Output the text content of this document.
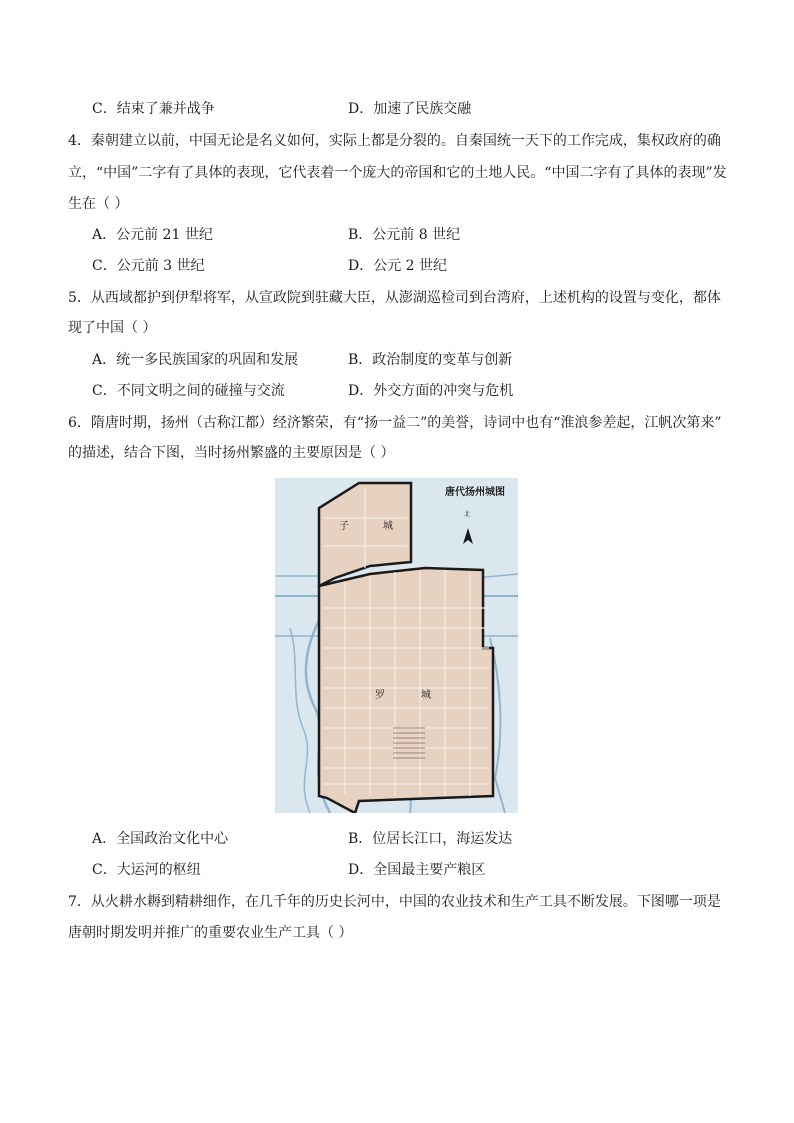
C．结束了兼并战争	D．加速了民族交融
4．秦朝建立以前，中国无论是名义如何，实际上都是分裂的。自秦国统一天下的工作完成，集权政府的确
立，“中国”二字有了具体的表现，它代表着一个庞大的帝国和它的土地人民。“中国二字有了具体的表现”发
生在（ ）
A．公元前 21 世纪	B．公元前 8 世纪
C．公元前 3 世纪	D．公元 2 世纪
5．从西域都护到伊犁将军，从宣政院到驻藏大臣，从澎湖巡检司到台湾府，上述机构的设置与变化，都体
现了中国（ ）
A．统一多民族国家的巩固和发展	B．政治制度的变革与创新
C．不同文明之间的碰撞与交流	D．外交方面的冲突与危机
6．隋唐时期，扬州（古称江都）经济繁荣，有“扬一益二”的美誉，诗词中也有“淮浪参差起，江帆次第来”
的描述，结合下图，当时扬州繁盛的主要原因是（ ）
唐代扬州城图
北
子	城
罗	城
A．全国政治文化中心	B．位居长江口，海运发达
C．大运河的枢纽	D．全国最主要产粮区
7．从火耕水耨到精耕细作，在几千年的历史长河中，中国的农业技术和生产工具不断发展。下图哪一项是
唐朝时期发明并推广的重要农业生产工具（ ）
